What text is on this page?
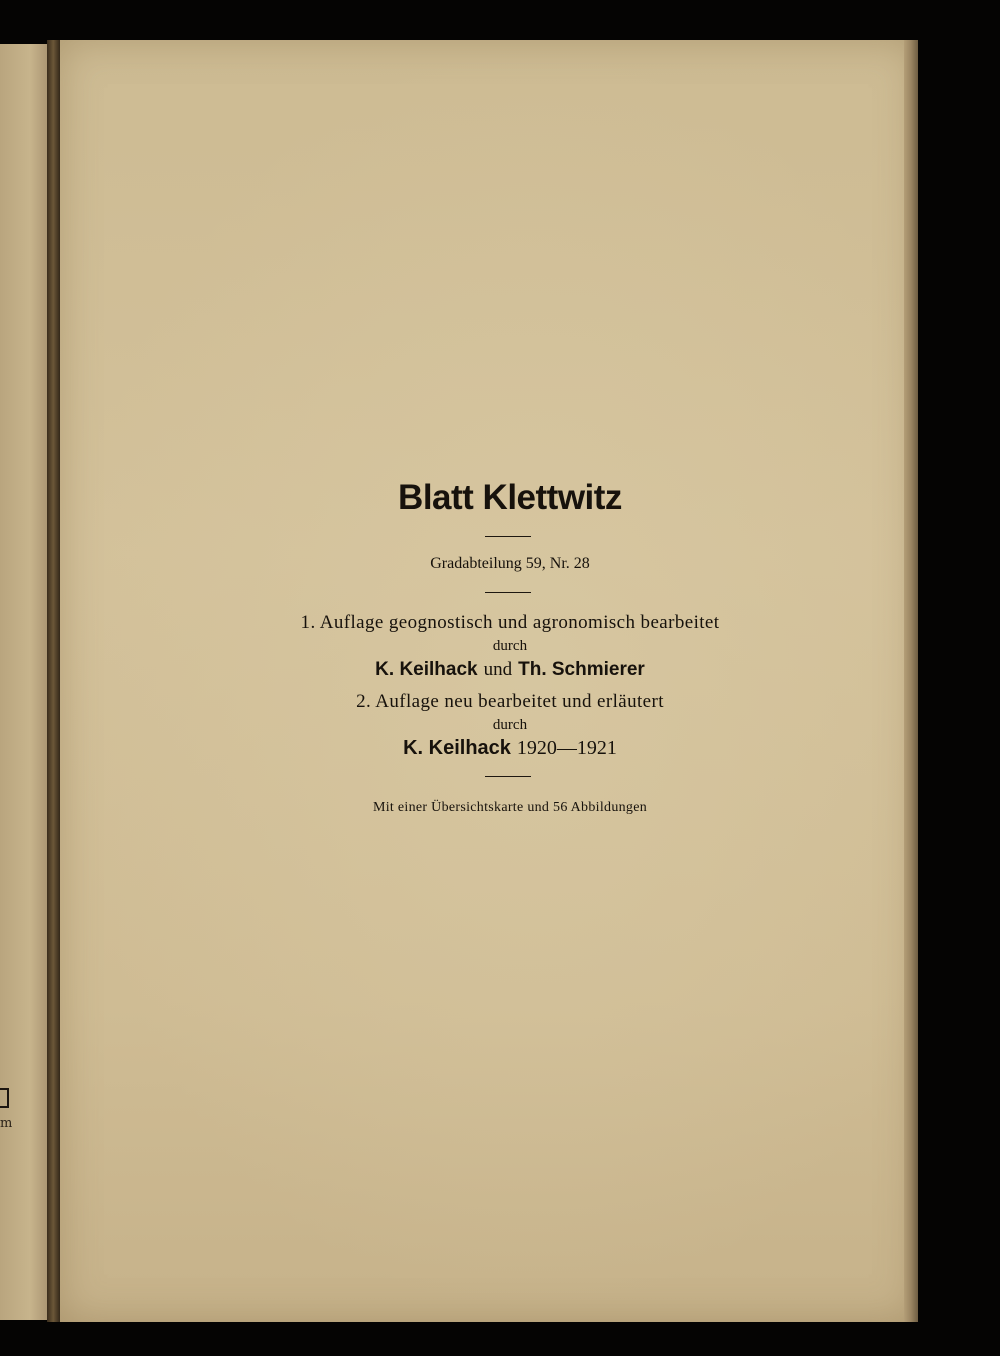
m
Blatt Klettwitz
Gradabteilung 59, Nr. 28
1. Auflage geognostisch und agronomisch bearbeitet
durch
K. Keilhack und Th. Schmierer
2. Auflage neu bearbeitet und erläutert
durch
K. Keilhack 1920—1921
Mit einer Übersichtskarte und 56 Abbildungen
